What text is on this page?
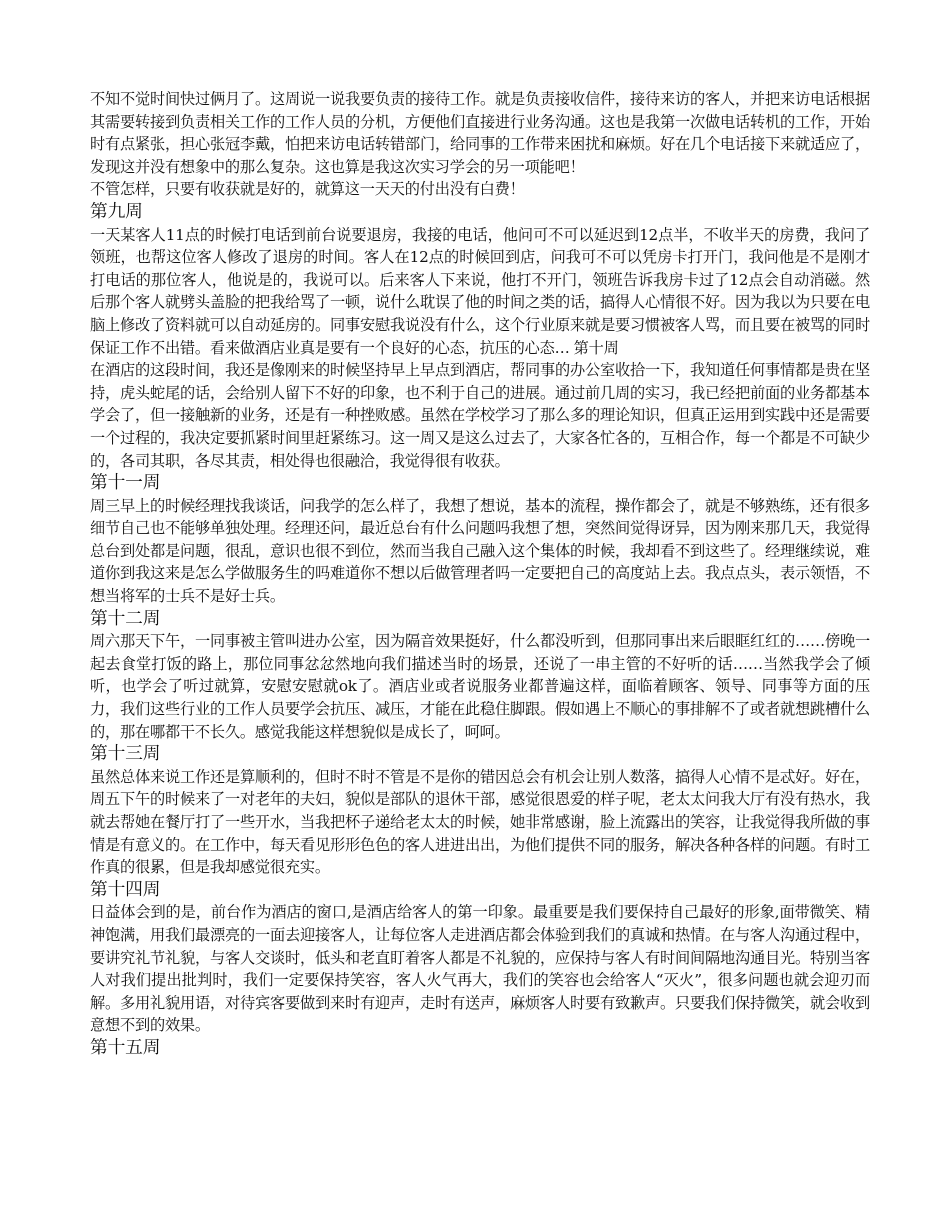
不知不觉时间快过俩月了。这周说一说我要负责的接待工作。就是负责接收信件，接待来访的客人，并把来访电话根据其需要转接到负责相关工作的工作人员的分机，方便他们直接进行业务沟通。这也是我第一次做电话转机的工作，开始时有点紧张，担心张冠李戴，怕把来访电话转错部门，给同事的工作带来困扰和麻烦。好在几个电话接下来就适应了，发现这并没有想象中的那么复杂。这也算是我这次实习学会的另一项能吧！

不管怎样，只要有收获就是好的，就算这一天天的付出没有白费！

第九周

一天某客人11点的时候打电话到前台说要退房，我接的电话，他问可不可以延迟到12点半，不收半天的房费，我问了领班，也帮这位客人修改了退房的时间。客人在12点的时候回到店，问我可不可以凭房卡打开门，我问他是不是刚才打电话的那位客人，他说是的，我说可以。后来客人下来说，他打不开门，领班告诉我房卡过了12点会自动消磁。然后那个客人就劈头盖脸的把我给骂了一顿，说什么耽误了他的时间之类的话，搞得人心情很不好。因为我以为只要在电脑上修改了资料就可以自动延房的。同事安慰我说没有什么，这个行业原来就是要习惯被客人骂，而且要在被骂的同时保证工作不出错。看来做酒店业真是要有一个良好的心态，抗压的心态… 第十周

在酒店的这段时间，我还是像刚来的时候坚持早上早点到酒店，帮同事的办公室收拾一下，我知道任何事情都是贵在坚持，虎头蛇尾的话，会给别人留下不好的印象，也不利于自己的进展。通过前几周的实习，我已经把前面的业务都基本学会了，但一接触新的业务，还是有一种挫败感。虽然在学校学习了那么多的理论知识，但真正运用到实践中还是需要一个过程的，我决定要抓紧时间里赶紧练习。这一周又是这么过去了，大家各忙各的，互相合作，每一个都是不可缺少的，各司其职，各尽其责，相处得也很融洽，我觉得很有收获。

第十一周

周三早上的时候经理找我谈话，问我学的怎么样了，我想了想说，基本的流程，操作都会了，就是不够熟练，还有很多细节自己也不能够单独处理。经理还问，最近总台有什么问题吗我想了想，突然间觉得讶异，因为刚来那几天，我觉得总台到处都是问题，很乱，意识也很不到位，然而当我自己融入这个集体的时候，我却看不到这些了。经理继续说，难道你到我这来是怎么学做服务生的吗难道你不想以后做管理者吗一定要把自己的高度站上去。我点点头，表示领悟，不想当将军的士兵不是好士兵。

第十二周

周六那天下午，一同事被主管叫进办公室，因为隔音效果挺好，什么都没听到，但那同事出来后眼眶红红的……傍晚一起去食堂打饭的路上，那位同事忿忿然地向我们描述当时的场景，还说了一串主管的不好听的话……当然我学会了倾听，也学会了听过就算，安慰安慰就ok了。酒店业或者说服务业都普遍这样，面临着顾客、领导、同事等方面的压力，我们这些行业的工作人员要学会抗压、减压，才能在此稳住脚跟。假如遇上不顺心的事排解不了或者就想跳槽什么的，那在哪都干不长久。感觉我能这样想貌似是成长了，呵呵。

第十三周

虽然总体来说工作还是算顺利的，但时不时不管是不是你的错因总会有机会让别人数落，搞得人心情不是忒好。好在，周五下午的时候来了一对老年的夫妇，貌似是部队的退休干部，感觉很恩爱的样子呢，老太太问我大厅有没有热水，我就去帮她在餐厅打了一些开水，当我把杯子递给老太太的时候，她非常感谢，脸上流露出的笑容，让我觉得我所做的事情是有意义的。在工作中，每天看见形形色色的客人进进出出，为他们提供不同的服务，解决各种各样的问题。有时工作真的很累，但是我却感觉很充实。

第十四周

日益体会到的是，前台作为酒店的窗口,是酒店给客人的第一印象。最重要是我们要保持自己最好的形象,面带微笑、精神饱满，用我们最漂亮的一面去迎接客人，让每位客人走进酒店都会体验到我们的真诚和热情。在与客人沟通过程中，要讲究礼节礼貌，与客人交谈时，低头和老直盯着客人都是不礼貌的，应保持与客人有时间间隔地沟通目光。特别当客人对我们提出批判时，我们一定要保持笑容，客人火气再大，我们的笑容也会给客人“灭火”，很多问题也就会迎刃而解。多用礼貌用语，对待宾客要做到来时有迎声，走时有送声，麻烦客人时要有致歉声。只要我们保持微笑，就会收到意想不到的效果。

第十五周
